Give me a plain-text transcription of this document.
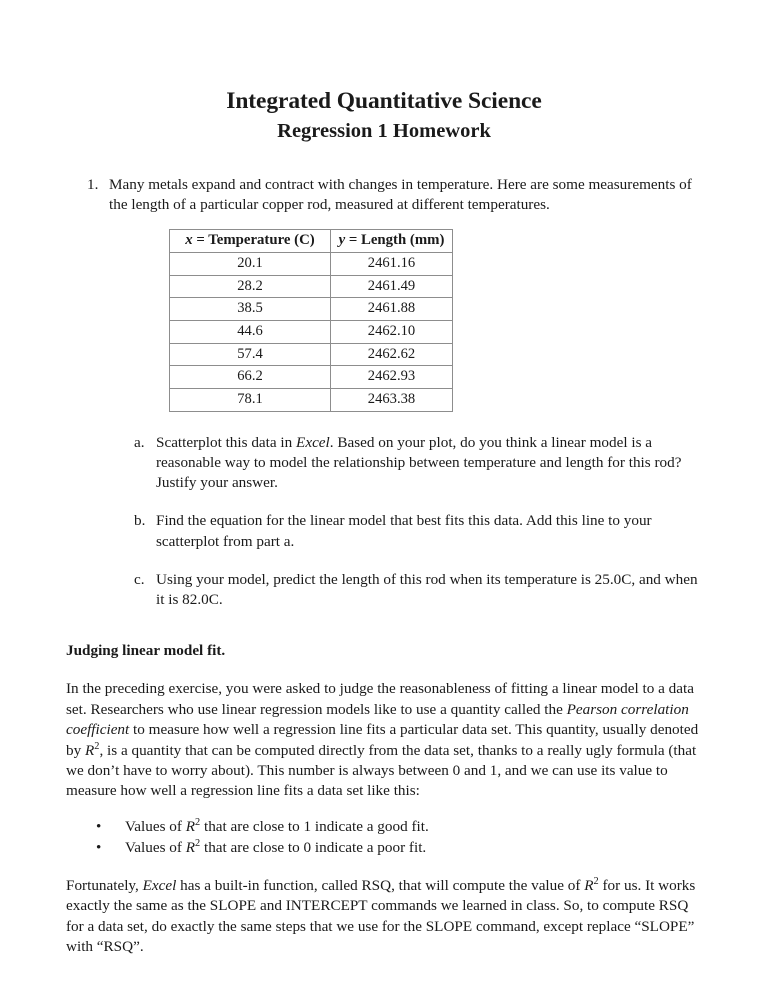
Integrated Quantitative Science
Regression 1 Homework
1. Many metals expand and contract with changes in temperature. Here are some measurements of the length of a particular copper rod, measured at different temperatures.
x = Temperature (C)	y = Length (mm)
20.1	2461.16
28.2	2461.49
38.5	2461.88
44.6	2462.10
57.4	2462.62
66.2	2462.93
78.1	2463.38
a. Scatterplot this data in Excel. Based on your plot, do you think a linear model is a reasonable way to model the relationship between temperature and length for this rod? Justify your answer.
b. Find the equation for the linear model that best fits this data. Add this line to your scatterplot from part a.
c. Using your model, predict the length of this rod when its temperature is 25.0C, and when it is 82.0C.
Judging linear model fit.
In the preceding exercise, you were asked to judge the reasonableness of fitting a linear model to a data set. Researchers who use linear regression models like to use a quantity called the Pearson correlation coefficient to measure how well a regression line fits a particular data set. This quantity, usually denoted by $R^2$, is a quantity that can be computed directly from the data set, thanks to a really ugly formula (that we don’t have to worry about). This number is always between 0 and 1, and we can use its value to measure how well a regression line fits a data set like this:
• Values of $R^2$ that are close to 1 indicate a good fit.
• Values of $R^2$ that are close to 0 indicate a poor fit.
Fortunately, Excel has a built-in function, called RSQ, that will compute the value of $R^2$ for us. It works exactly the same as the SLOPE and INTERCEPT commands we learned in class. So, to compute RSQ for a data set, do exactly the same steps that we use for the SLOPE command, except replace “SLOPE” with “RSQ”.
